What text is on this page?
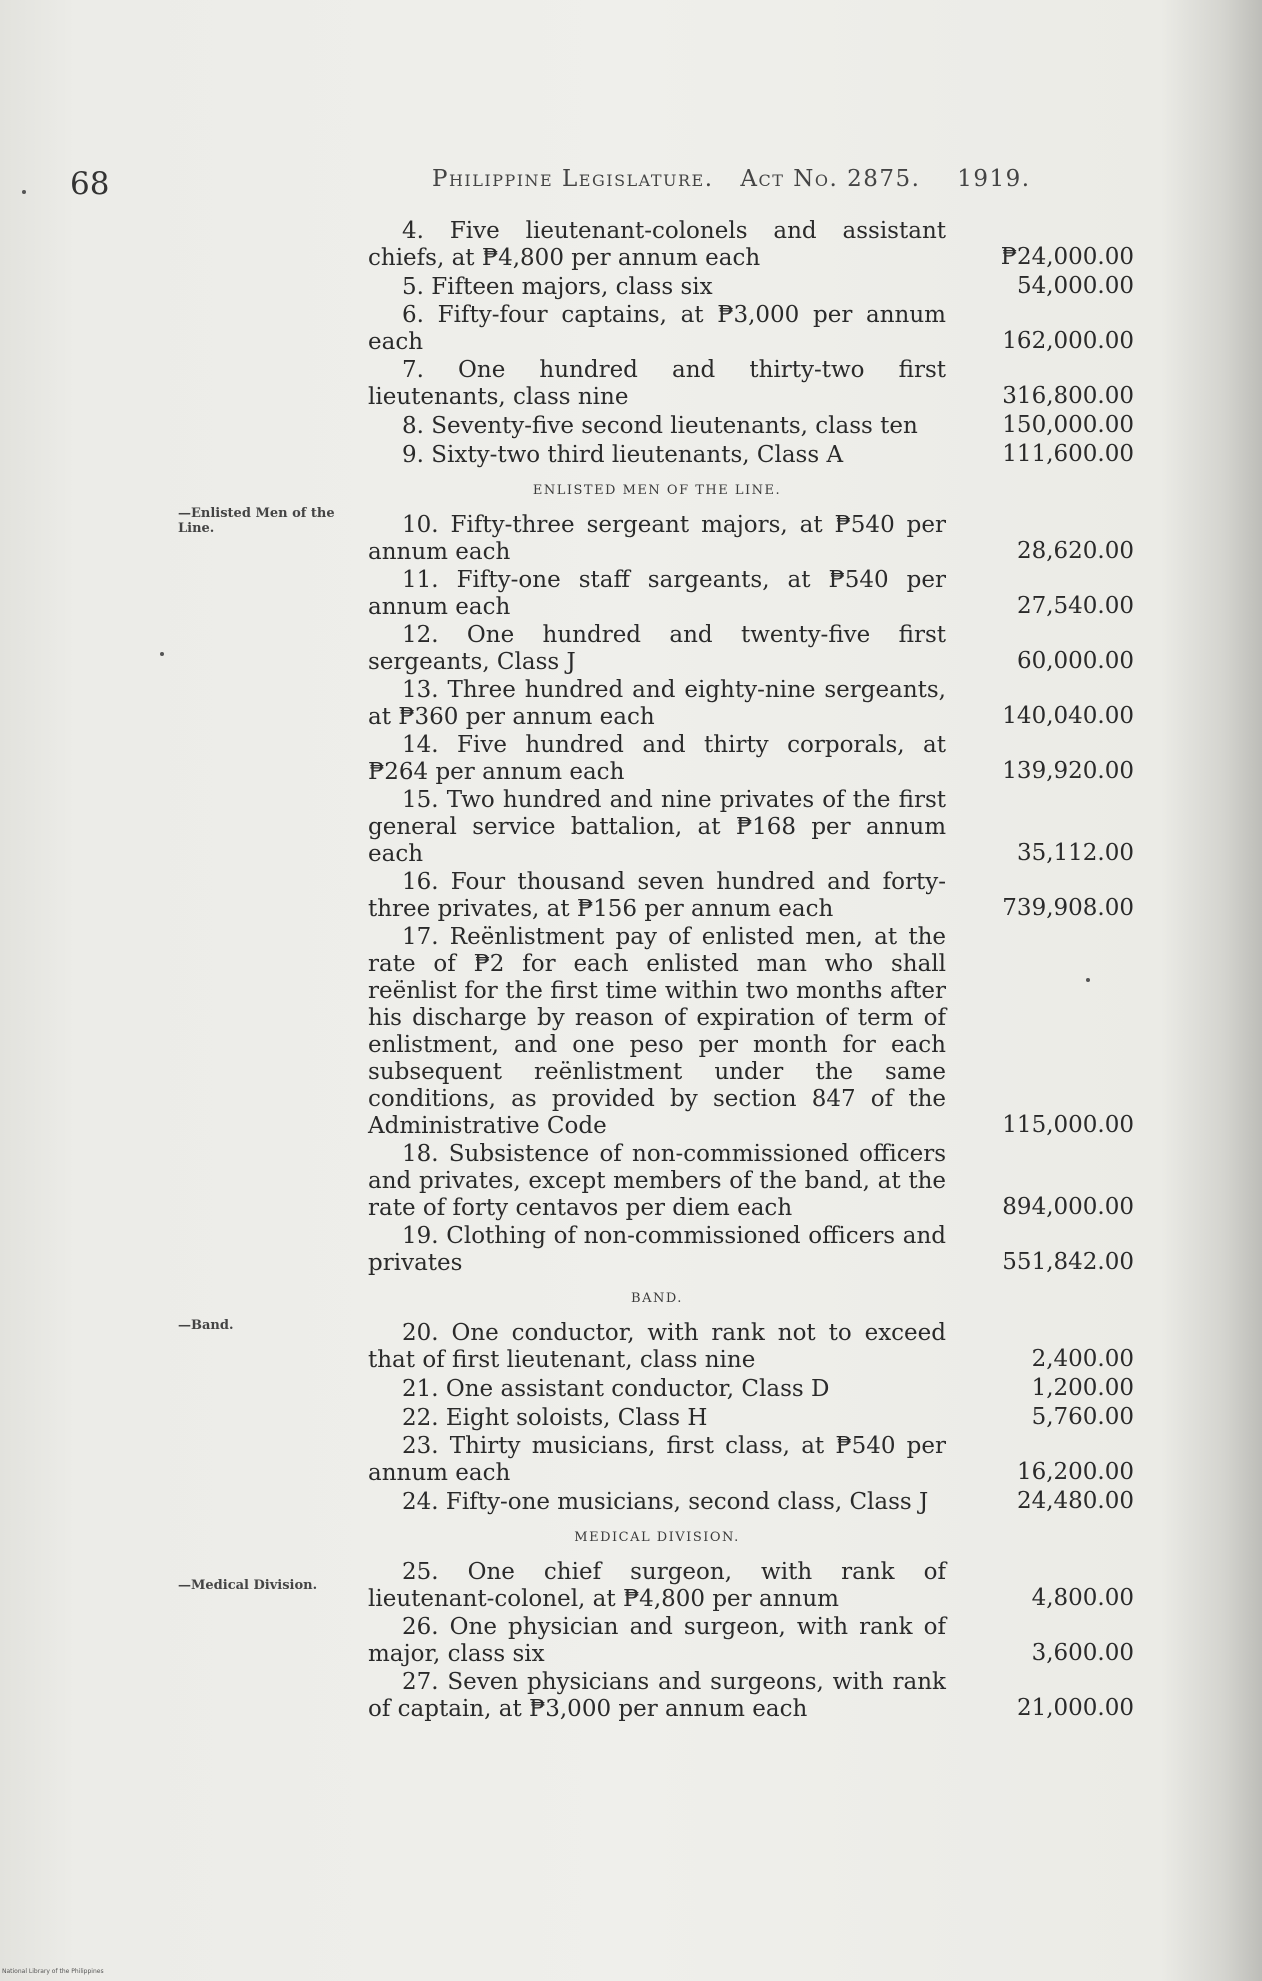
68	Philippine Legislature. Act No. 2875. 1919.
—Enlisted Men of the Line.
—Band.
—Medical Division.
4. Five lieutenant-colonels and assistant chiefs, at ₱4,800 per annum each	₱24,000.00
5. Fifteen majors, class six	54,000.00
6. Fifty-four captains, at ₱3,000 per annum each	162,000.00
7. One hundred and thirty-two first lieutenants, class nine	316,800.00
8. Seventy-five second lieutenants, class ten	150,000.00
9. Sixty-two third lieutenants, Class A	111,600.00
ENLISTED MEN OF THE LINE.
10. Fifty-three sergeant majors, at ₱540 per annum each	28,620.00
11. Fifty-one staff sargeants, at ₱540 per annum each	27,540.00
12. One hundred and twenty-five first sergeants, Class J	60,000.00
13. Three hundred and eighty-nine sergeants, at ₱360 per annum each	140,040.00
14. Five hundred and thirty corporals, at ₱264 per annum each	139,920.00
15. Two hundred and nine privates of the first general service battalion, at ₱168 per annum each	35,112.00
16. Four thousand seven hundred and forty-three privates, at ₱156 per annum each	739,908.00
17. Reënlistment pay of enlisted men, at the rate of ₱2 for each enlisted man who shall reënlist for the first time within two months after his discharge by reason of expiration of term of enlistment, and one peso per month for each subsequent reënlistment under the same conditions, as provided by section 847 of the Administrative Code	115,000.00
18. Subsistence of non-commissioned officers and privates, except members of the band, at the rate of forty centavos per diem each	894,000.00
19. Clothing of non-commissioned officers and privates	551,842.00
BAND.
20. One conductor, with rank not to exceed that of first lieutenant, class nine	2,400.00
21. One assistant conductor, Class D	1,200.00
22. Eight soloists, Class H	5,760.00
23. Thirty musicians, first class, at ₱540 per annum each	16,200.00
24. Fifty-one musicians, second class, Class J	24,480.00
MEDICAL DIVISION.
25. One chief surgeon, with rank of lieutenant-colonel, at ₱4,800 per annum	4,800.00
26. One physician and surgeon, with rank of major, class six	3,600.00
27. Seven physicians and surgeons, with rank of captain, at ₱3,000 per annum each	21,000.00
National Library of the Philippines
